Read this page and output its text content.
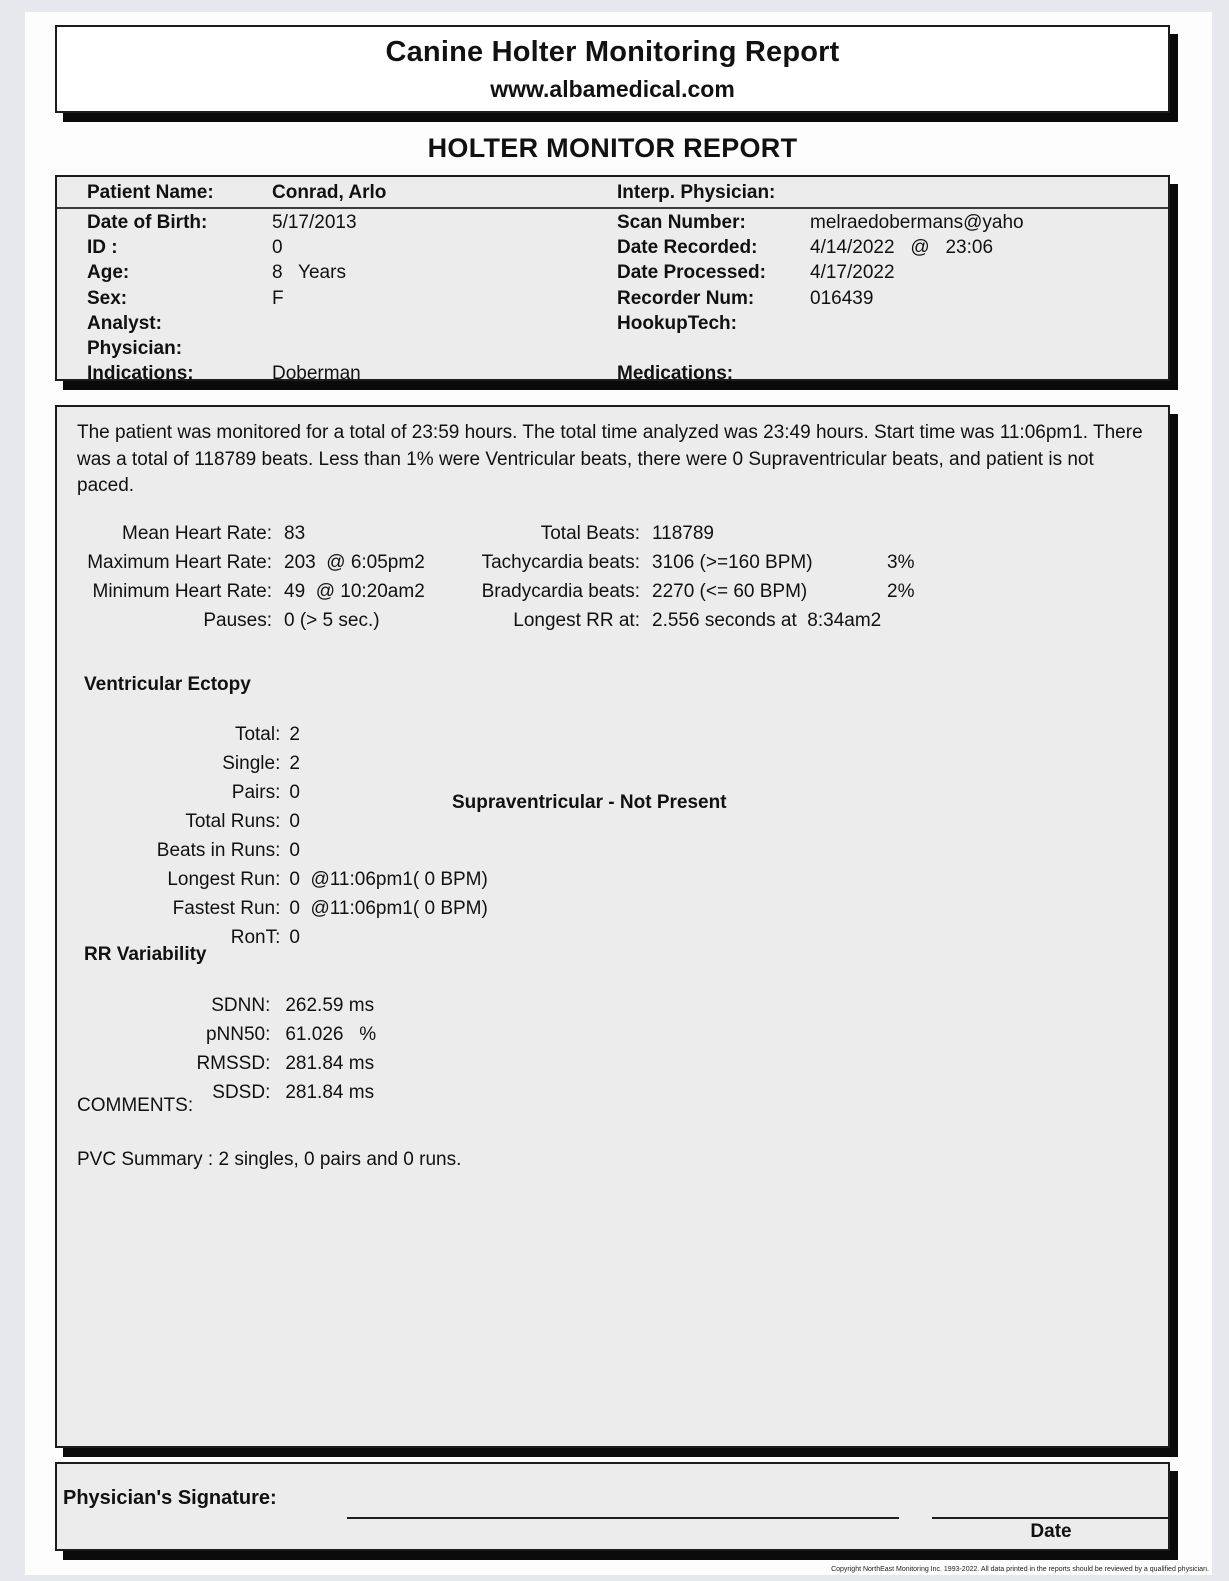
Canine Holter Monitoring Report
www.albamedical.com
HOLTER MONITOR REPORT
Patient Name:	Conrad, Arlo	Interp. Physician:
Date of Birth:	5/17/2013	Scan Number:	melraedobermans@yaho
ID :	0	Date Recorded:	4/14/2022   @   23:06
Age:	8   Years	Date Processed: 4/17/2022
Sex:	F	Recorder Num:	016439
Analyst:	HookupTech:
Physician:
Indications:	Doberman	Medications:
The patient was monitored for a total of 23:59 hours. The total time analyzed was 23:49 hours. Start time was 11:06pm1. There was a total of 118789 beats. Less than 1% were Ventricular beats, there were 0 Supraventricular beats, and patient is not paced.
Mean Heart Rate: 83	Total Beats: 118789
Maximum Heart Rate: 203  @ 6:05pm2	Tachycardia beats: 3106 (>=160 BPM)	3%
Minimum Heart Rate: 49  @ 10:20am2	Bradycardia beats: 2270 (<= 60 BPM)	2%
Pauses: 0 (> 5 sec.)	Longest RR at: 2.556 seconds at  8:34am2
Ventricular Ectopy

Total: 2

Single: 2

Pairs: 0

Total Runs: 0

Beats in Runs: 0

Longest Run: 0  @11:06pm1( 0 BPM)

Fastest Run: 0  @11:06pm1( 0 BPM)

RonT: 0

Supraventricular - Not Present
RR Variability

SDNN: 262.59 ms

pNN50: 61.026   %

RMSSD: 281.84 ms

SDSD: 281.84 ms

COMMENTS:
PVC Summary : 2 singles, 0 pairs and 0 runs.
Physician's Signature:
Date
Copyright NorthEast Monitoring Inc. 1993-2022. All data printed in the reports should be reviewed by a qualified physician.
